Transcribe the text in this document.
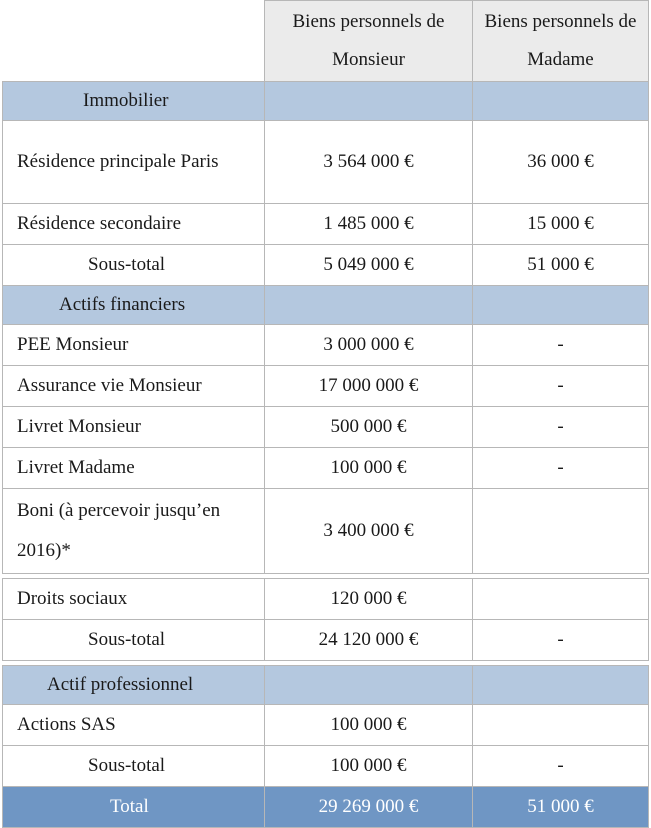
	Biens personnels de Monsieur	Biens personnels de Madame
Immobilier		
Résidence principale Paris	3 564 000 €	36 000 €
Résidence secondaire	1 485 000 €	15 000 €
Sous-total	5 049 000 €	51 000 €
Actifs financiers		
PEE Monsieur	3 000 000 €	-
Assurance vie Monsieur	17 000 000 €	-
Livret Monsieur	500 000 €	-
Livret Madame	100 000 €	-
Boni (à percevoir jusqu’en 2016)*	3 400 000 €	

Droits sociaux	120 000 €	
Sous-total	24 120 000 €	-

Actif professionnel		
Actions SAS	100 000 €	
Sous-total	100 000 €	-
Total	29 269 000 €	51 000 €
